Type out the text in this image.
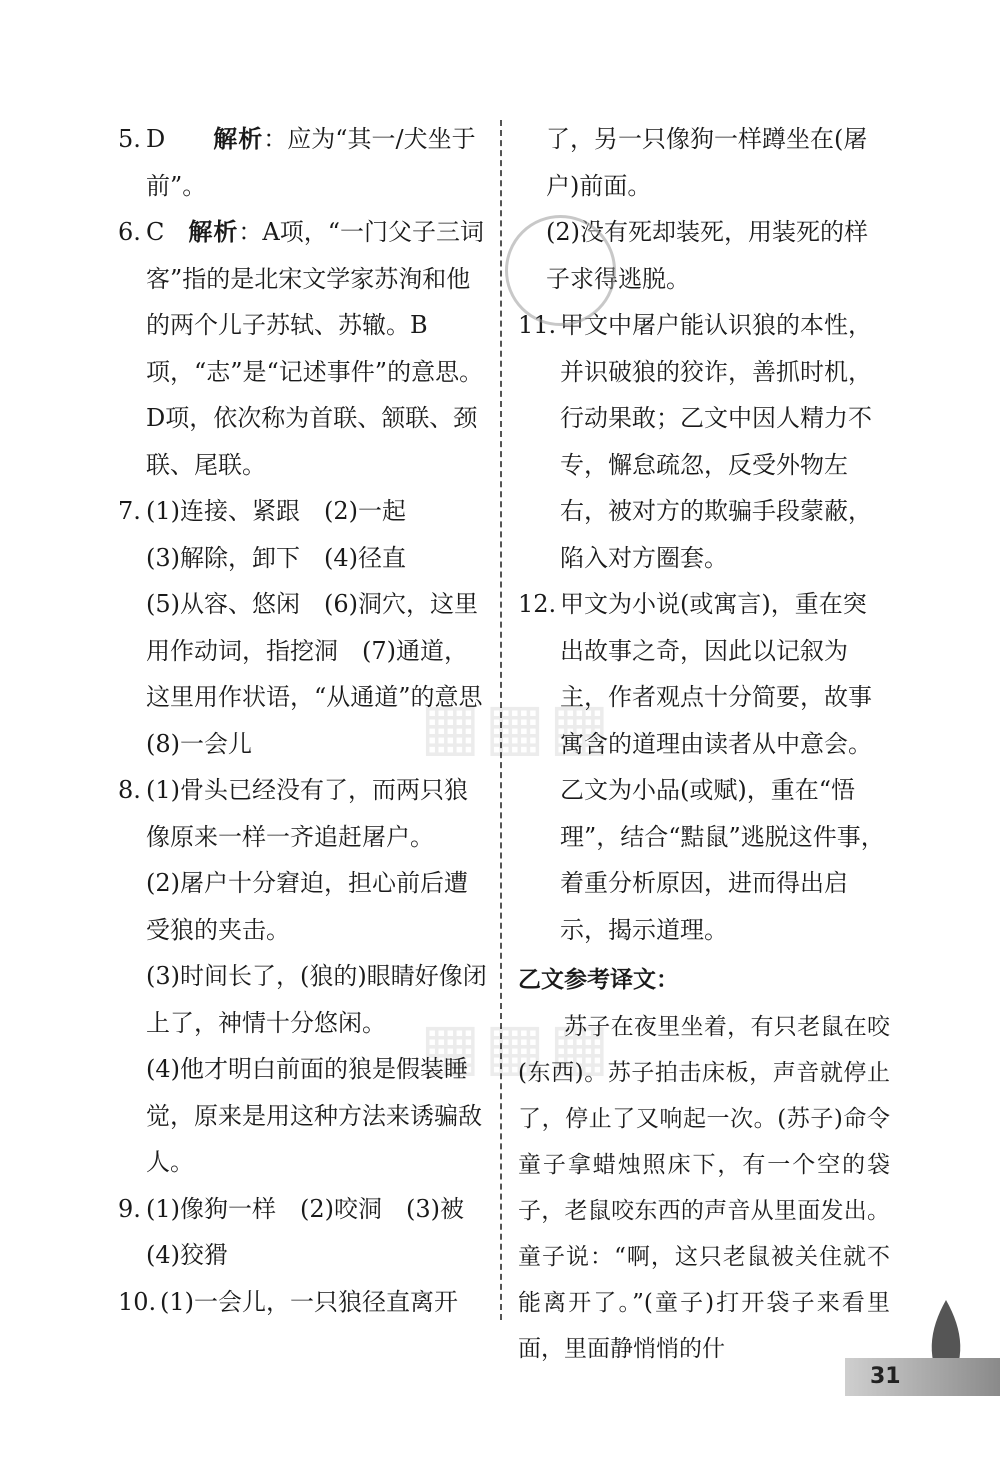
5. D　　 解析：应为“其一/犬坐于前”。
6. C　 解析：A项，“一门父子三词客”指的是北宋文学家苏洵和他的两个儿子苏轼、苏辙。B项，“志”是“记述事件”的意思。D项，依次称为首联、颔联、颈联、尾联。
7. (1)连接、紧跟　(2)一起
(3)解除，卸下　(4)径直
(5)从容、悠闲　(6)洞穴，这里用作动词，指挖洞　(7)通道，这里用作状语，“从通道”的意思
(8)一会儿
8. (1)骨头已经没有了，而两只狼像原来一样一齐追赶屠户。
(2)屠户十分窘迫，担心前后遭受狼的夹击。
(3)时间长了，(狼的)眼睛好像闭上了，神情十分悠闲。
(4)他才明白前面的狼是假装睡觉，原来是用这种方法来诱骗敌人。
9. (1)像狗一样　(2)咬洞　(3)被
(4)狡猾
10. (1)一会儿，一只狼径直离开
了，另一只像狗一样蹲坐在(屠户)前面。
(2)没有死却装死，用装死的样子求得逃脱。
11. 甲文中屠户能认识狼的本性，并识破狼的狡诈，善抓时机，行动果敢；乙文中因人精力不专，懈怠疏忽，反受外物左右，被对方的欺骗手段蒙蔽，陷入对方圈套。
12. 甲文为小说(或寓言)，重在突出故事之奇，因此以记叙为主，作者观点十分简要，故事寓含的道理由读者从中意会。乙文为小品(或赋)，重在“悟理”，结合“黠鼠”逃脱这件事，着重分析原因，进而得出启示，揭示道理。
乙文参考译文：
苏子在夜里坐着，有只老鼠在咬(东西)。苏子拍击床板，声音就停止了，停止了又响起一次。(苏子)命令童子拿蜡烛照床下，有一个空的袋子，老鼠咬东西的声音从里面发出。童子说：“啊，这只老鼠被关住就不能离开了。”(童子)打开袋子来看里面，里面静悄悄的什
▦▦▦
▦▦▦
31
